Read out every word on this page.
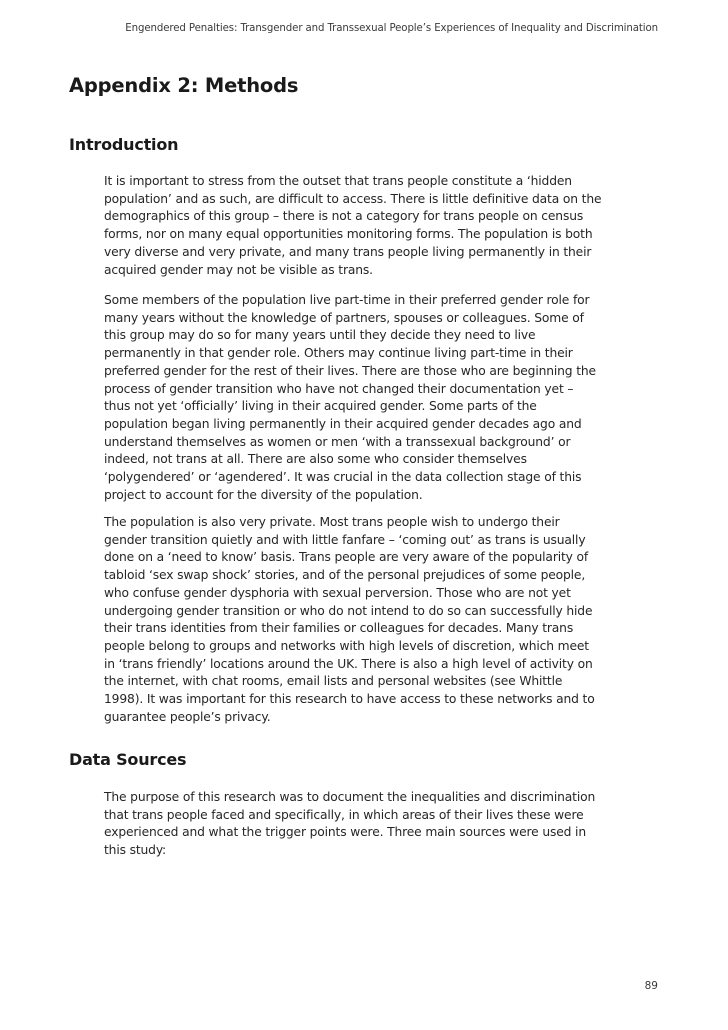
Engendered Penalties: Transgender and Transsexual People’s Experiences of Inequality and Discrimination
Appendix 2: Methods
Introduction

It is important to stress from the outset that trans people constitute a ‘hidden
population’ and as such, are difficult to access. There is little definitive data on the
demographics of this group – there is not a category for trans people on census
forms, nor on many equal opportunities monitoring forms. The population is both
very diverse and very private, and many trans people living permanently in their
acquired gender may not be visible as trans.

Some members of the population live part-time in their preferred gender role for
many years without the knowledge of partners, spouses or colleagues. Some of
this group may do so for many years until they decide they need to live
permanently in that gender role. Others may continue living part-time in their
preferred gender for the rest of their lives. There are those who are beginning the
process of gender transition who have not changed their documentation yet –
thus not yet ‘officially’ living in their acquired gender. Some parts of the
population began living permanently in their acquired gender decades ago and
understand themselves as women or men ‘with a transsexual background’ or
indeed, not trans at all. There are also some who consider themselves
‘polygendered’ or ‘agendered’. It was crucial in the data collection stage of this
project to account for the diversity of the population.

The population is also very private. Most trans people wish to undergo their
gender transition quietly and with little fanfare – ‘coming out’ as trans is usually
done on a ‘need to know’ basis. Trans people are very aware of the popularity of
tabloid ‘sex swap shock’ stories, and of the personal prejudices of some people,
who confuse gender dysphoria with sexual perversion. Those who are not yet
undergoing gender transition or who do not intend to do so can successfully hide
their trans identities from their families or colleagues for decades. Many trans
people belong to groups and networks with high levels of discretion, which meet
in ‘trans friendly’ locations around the UK. There is also a high level of activity on
the internet, with chat rooms, email lists and personal websites (see Whittle
1998). It was important for this research to have access to these networks and to
guarantee people’s privacy.

Data Sources

The purpose of this research was to document the inequalities and discrimination
that trans people faced and specifically, in which areas of their lives these were
experienced and what the trigger points were. Three main sources were used in
this study:

89
